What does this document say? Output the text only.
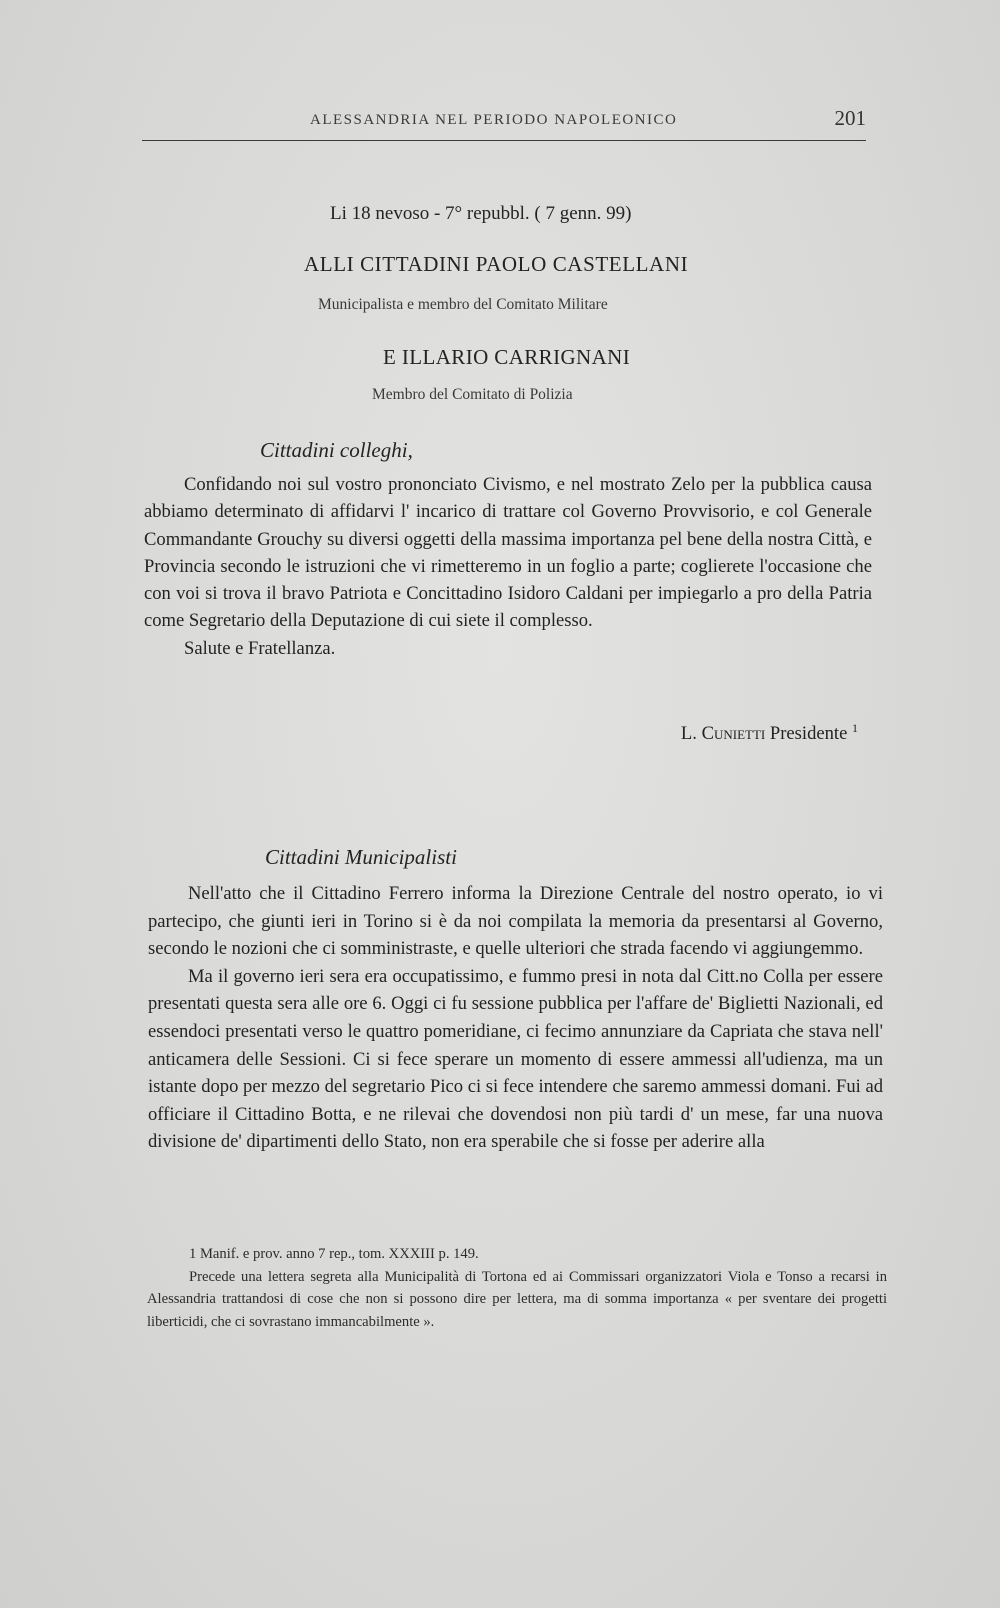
ALESSANDRIA NEL PERIODO NAPOLEONICO	201
Li 18 nevoso - 7° repubbl. ( 7 genn. 99)
ALLI CITTADINI PAOLO CASTELLANI
Municipalista e membro del Comitato Militare
E ILLARIO CARRIGNANI
Membro del Comitato di Polizia
Cittadini colleghi,

Confidando noi sul vostro prononciato Civismo, e nel mostrato Zelo per la pubblica causa abbiamo determinato di affidarvi l' incarico di trattare col Governo Provvisorio, e col Generale Commandante Grouchy su diversi oggetti della massima importanza pel bene della nostra Città, e Provincia secondo le istruzioni che vi rimetteremo in un foglio a parte; coglierete l'occasione che con voi si trova il bravo Patriota e Concittadino Isidoro Caldani per impiegarlo a pro della Patria come Segretario della Deputazione di cui siete il complesso.

Salute e Fratellanza.

L. Cunietti Presidente $^1$
Cittadini Municipalisti

Nell'atto che il Cittadino Ferrero informa la Direzione Centrale del nostro operato, io vi partecipo, che giunti ieri in Torino si è da noi compilata la memoria da presentarsi al Governo, secondo le nozioni che ci somministraste, e quelle ulteriori che strada facendo vi aggiungemmo.

Ma il governo ieri sera era occupatissimo, e fummo presi in nota dal Citt.no Colla per essere presentati questa sera alle ore 6. Oggi ci fu sessione pubblica per l'affare de' Biglietti Nazionali, ed essendoci presentati verso le quattro pomeridiane, ci fecimo annunziare da Capriata che stava nell' anticamera delle Sessioni. Ci si fece sperare un momento di essere ammessi all'udienza, ma un istante dopo per mezzo del segretario Pico ci si fece intendere che saremo ammessi domani. Fui ad officiare il Cittadino Botta, e ne rilevai che dovendosi non più tardi d' un mese, far una nuova divisione de' dipartimenti dello Stato, non era sperabile che si fosse per aderire alla

1 Manif. e prov. anno 7 rep., tom. XXXIII p. 149.

Precede una lettera segreta alla Municipalità di Tortona ed ai Commissari organizzatori Viola e Tonso a recarsi in Alessandria trattandosi di cose che non si possono dire per lettera, ma di somma importanza « per sventare dei progetti liberticidi, che ci sovrastano immancabilmente ».
